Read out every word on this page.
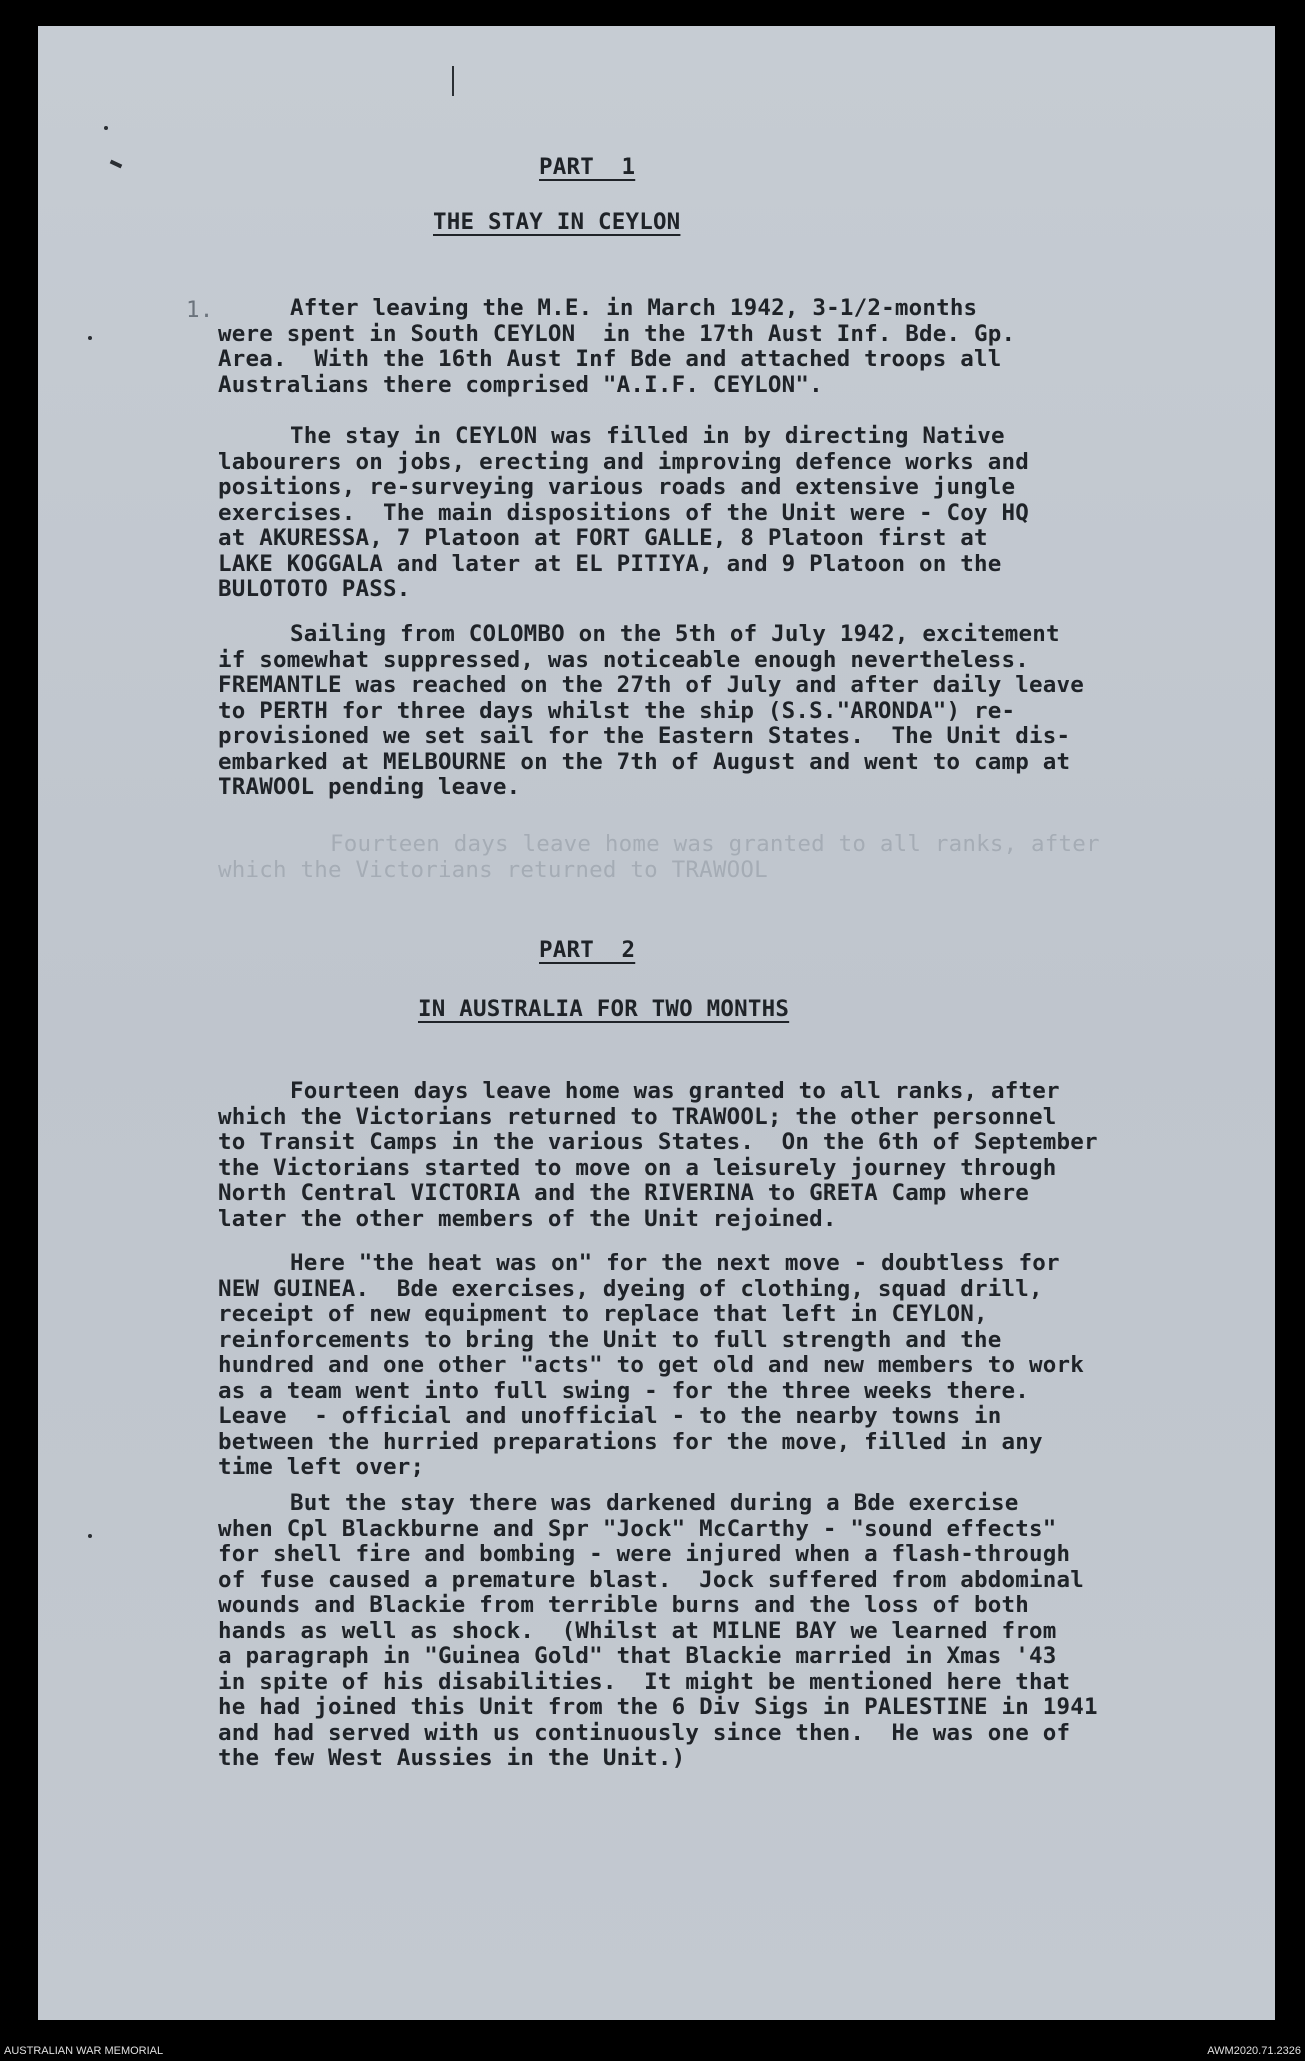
PART  1
THE STAY IN CEYLON
1.	After leaving the M.E. in March 1942, 3-1/2-months
were spent in South CEYLON  in the 17th Aust Inf. Bde. Gp.
Area.  With the 16th Aust Inf Bde and attached troops all
Australians there comprised "A.I.F. CEYLON".
The stay in CEYLON was filled in by directing Native
labourers on jobs, erecting and improving defence works and
positions, re-surveying various roads and extensive jungle
exercises.  The main dispositions of the Unit were - Coy HQ
at AKURESSA, 7 Platoon at FORT GALLE, 8 Platoon first at
LAKE KOGGALA and later at EL PITIYA, and 9 Platoon on the
BULOTOTO PASS.
Sailing from COLOMBO on the 5th of July 1942, excitement
if somewhat suppressed, was noticeable enough nevertheless.
FREMANTLE was reached on the 27th of July and after daily leave
to PERTH for three days whilst the ship (S.S."ARONDA") re-
provisioned we set sail for the Eastern States.  The Unit dis-
embarked at MELBOURNE on the 7th of August and went to camp at
TRAWOOL pending leave.
Fourteen days leave home was granted to all ranks, after
which the Victorians returned to TRAWOOL
PART  2
IN AUSTRALIA FOR TWO MONTHS
Fourteen days leave home was granted to all ranks, after
which the Victorians returned to TRAWOOL; the other personnel
to Transit Camps in the various States.  On the 6th of September
the Victorians started to move on a leisurely journey through
North Central VICTORIA and the RIVERINA to GRETA Camp where
later the other members of the Unit rejoined.
Here "the heat was on" for the next move - doubtless for
NEW GUINEA.  Bde exercises, dyeing of clothing, squad drill,
receipt of new equipment to replace that left in CEYLON,
reinforcements to bring the Unit to full strength and the
hundred and one other "acts" to get old and new members to work
as a team went into full swing - for the three weeks there.
Leave  - official and unofficial - to the nearby towns in
between the hurried preparations for the move, filled in any
time left over;
But the stay there was darkened during a Bde exercise
when Cpl Blackburne and Spr "Jock" McCarthy - "sound effects"
for shell fire and bombing - were injured when a flash-through
of fuse caused a premature blast.  Jock suffered from abdominal
wounds and Blackie from terrible burns and the loss of both
hands as well as shock.  (Whilst at MILNE BAY we learned from
a paragraph in "Guinea Gold" that Blackie married in Xmas '43
in spite of his disabilities.  It might be mentioned here that
he had joined this Unit from the 6 Div Sigs in PALESTINE in 1941
and had served with us continuously since then.  He was one of
the few West Aussies in the Unit.)
AUSTRALIAN WAR MEMORIAL	AWM2020.71.2326
